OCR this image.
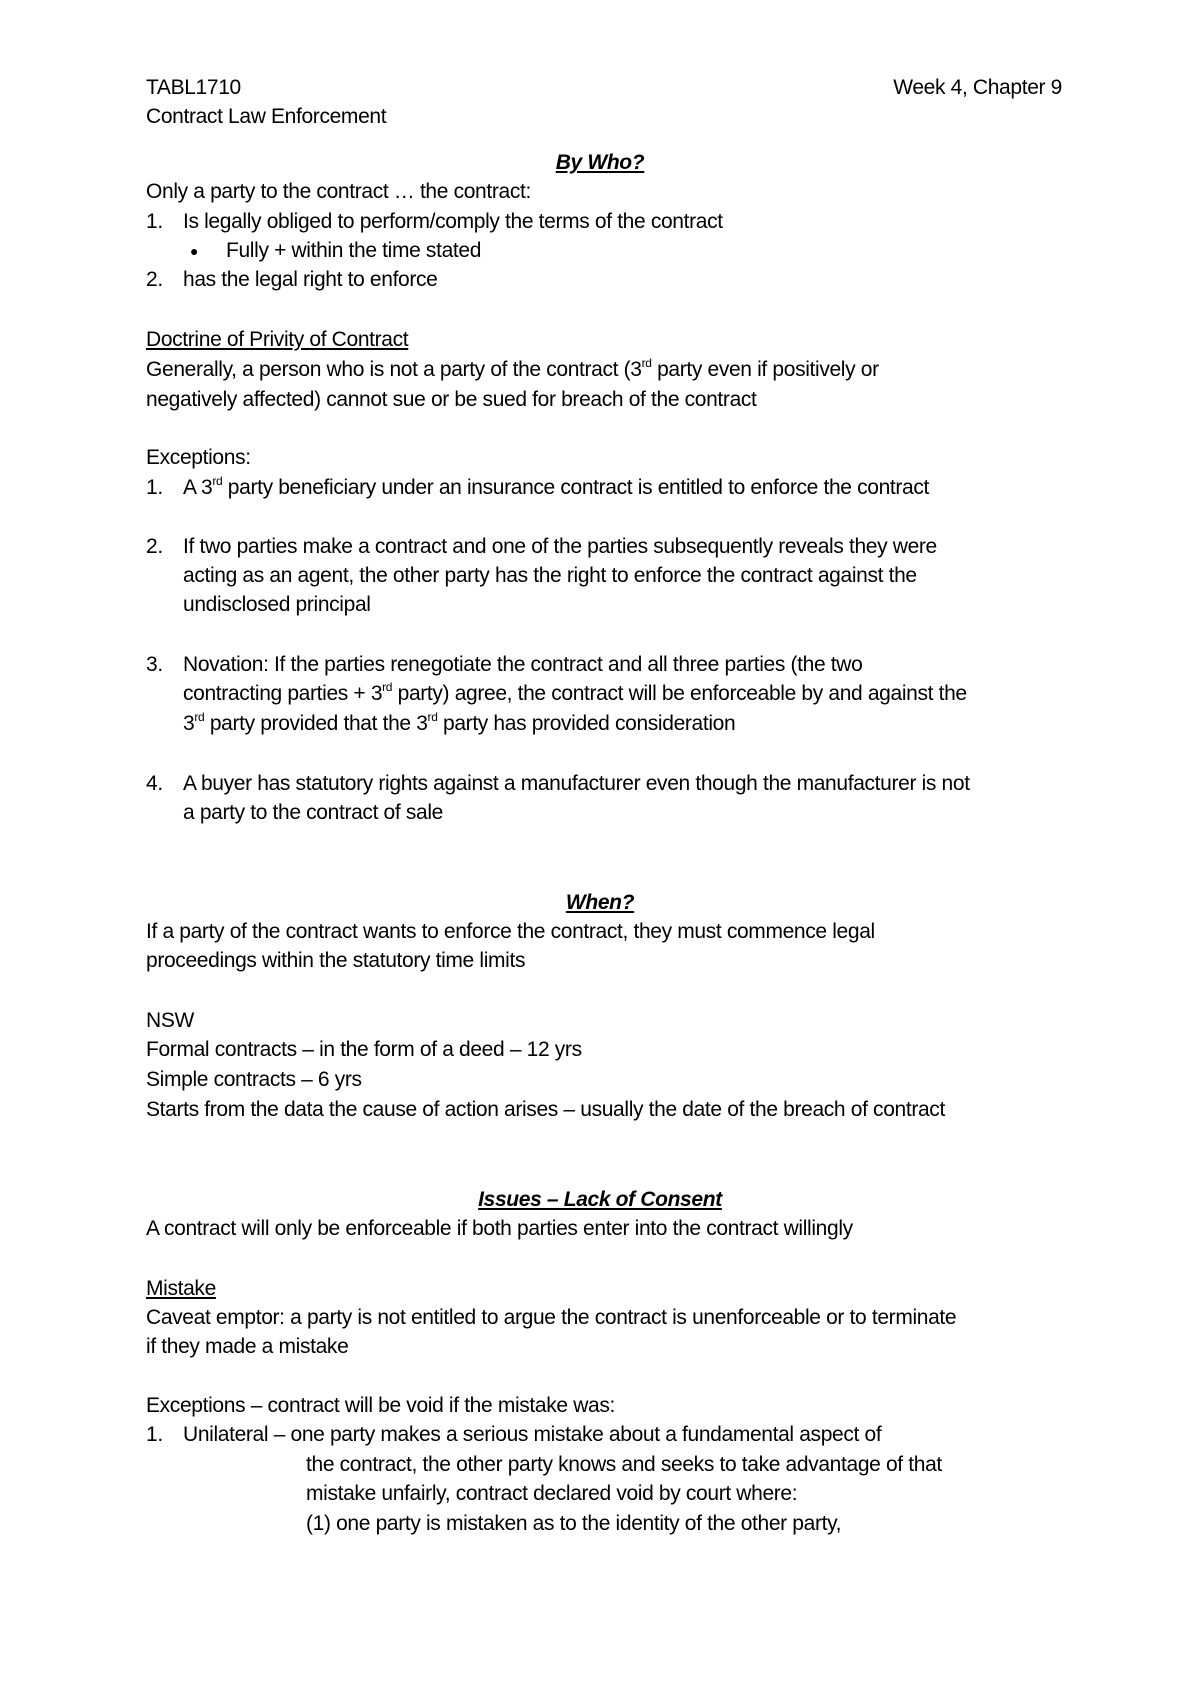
TABL1710	Week 4, Chapter 9
Contract Law Enforcement
By Who?
Only a party to the contract … the contract:
1. Is legally obliged to perform/comply the terms of the contract
● Fully + within the time stated
2. has the legal right to enforce
Doctrine of Privity of Contract
Generally, a person who is not a party of the contract (3rd party even if positively or
negatively affected) cannot sue or be sued for breach of the contract
Exceptions:
1. A 3rd party beneficiary under an insurance contract is entitled to enforce the contract
2. If two parties make a contract and one of the parties subsequently reveals they were
acting as an agent, the other party has the right to enforce the contract against the
undisclosed principal
3. Novation: If the parties renegotiate the contract and all three parties (the two
contracting parties + 3rd party) agree, the contract will be enforceable by and against the
3rd party provided that the 3rd party has provided consideration
4. A buyer has statutory rights against a manufacturer even though the manufacturer is not
a party to the contract of sale
When?
If a party of the contract wants to enforce the contract, they must commence legal
proceedings within the statutory time limits
NSW
Formal contracts – in the form of a deed – 12 yrs
Simple contracts – 6 yrs
Starts from the data the cause of action arises – usually the date of the breach of contract
Issues – Lack of Consent
A contract will only be enforceable if both parties enter into the contract willingly
Mistake
Caveat emptor: a party is not entitled to argue the contract is unenforceable or to terminate
if they made a mistake
Exceptions – contract will be void if the mistake was:
1. Unilateral – one party makes a serious mistake about a fundamental aspect of
the contract, the other party knows and seeks to take advantage of that
mistake unfairly, contract declared void by court where:
(1) one party is mistaken as to the identity of the other party,
